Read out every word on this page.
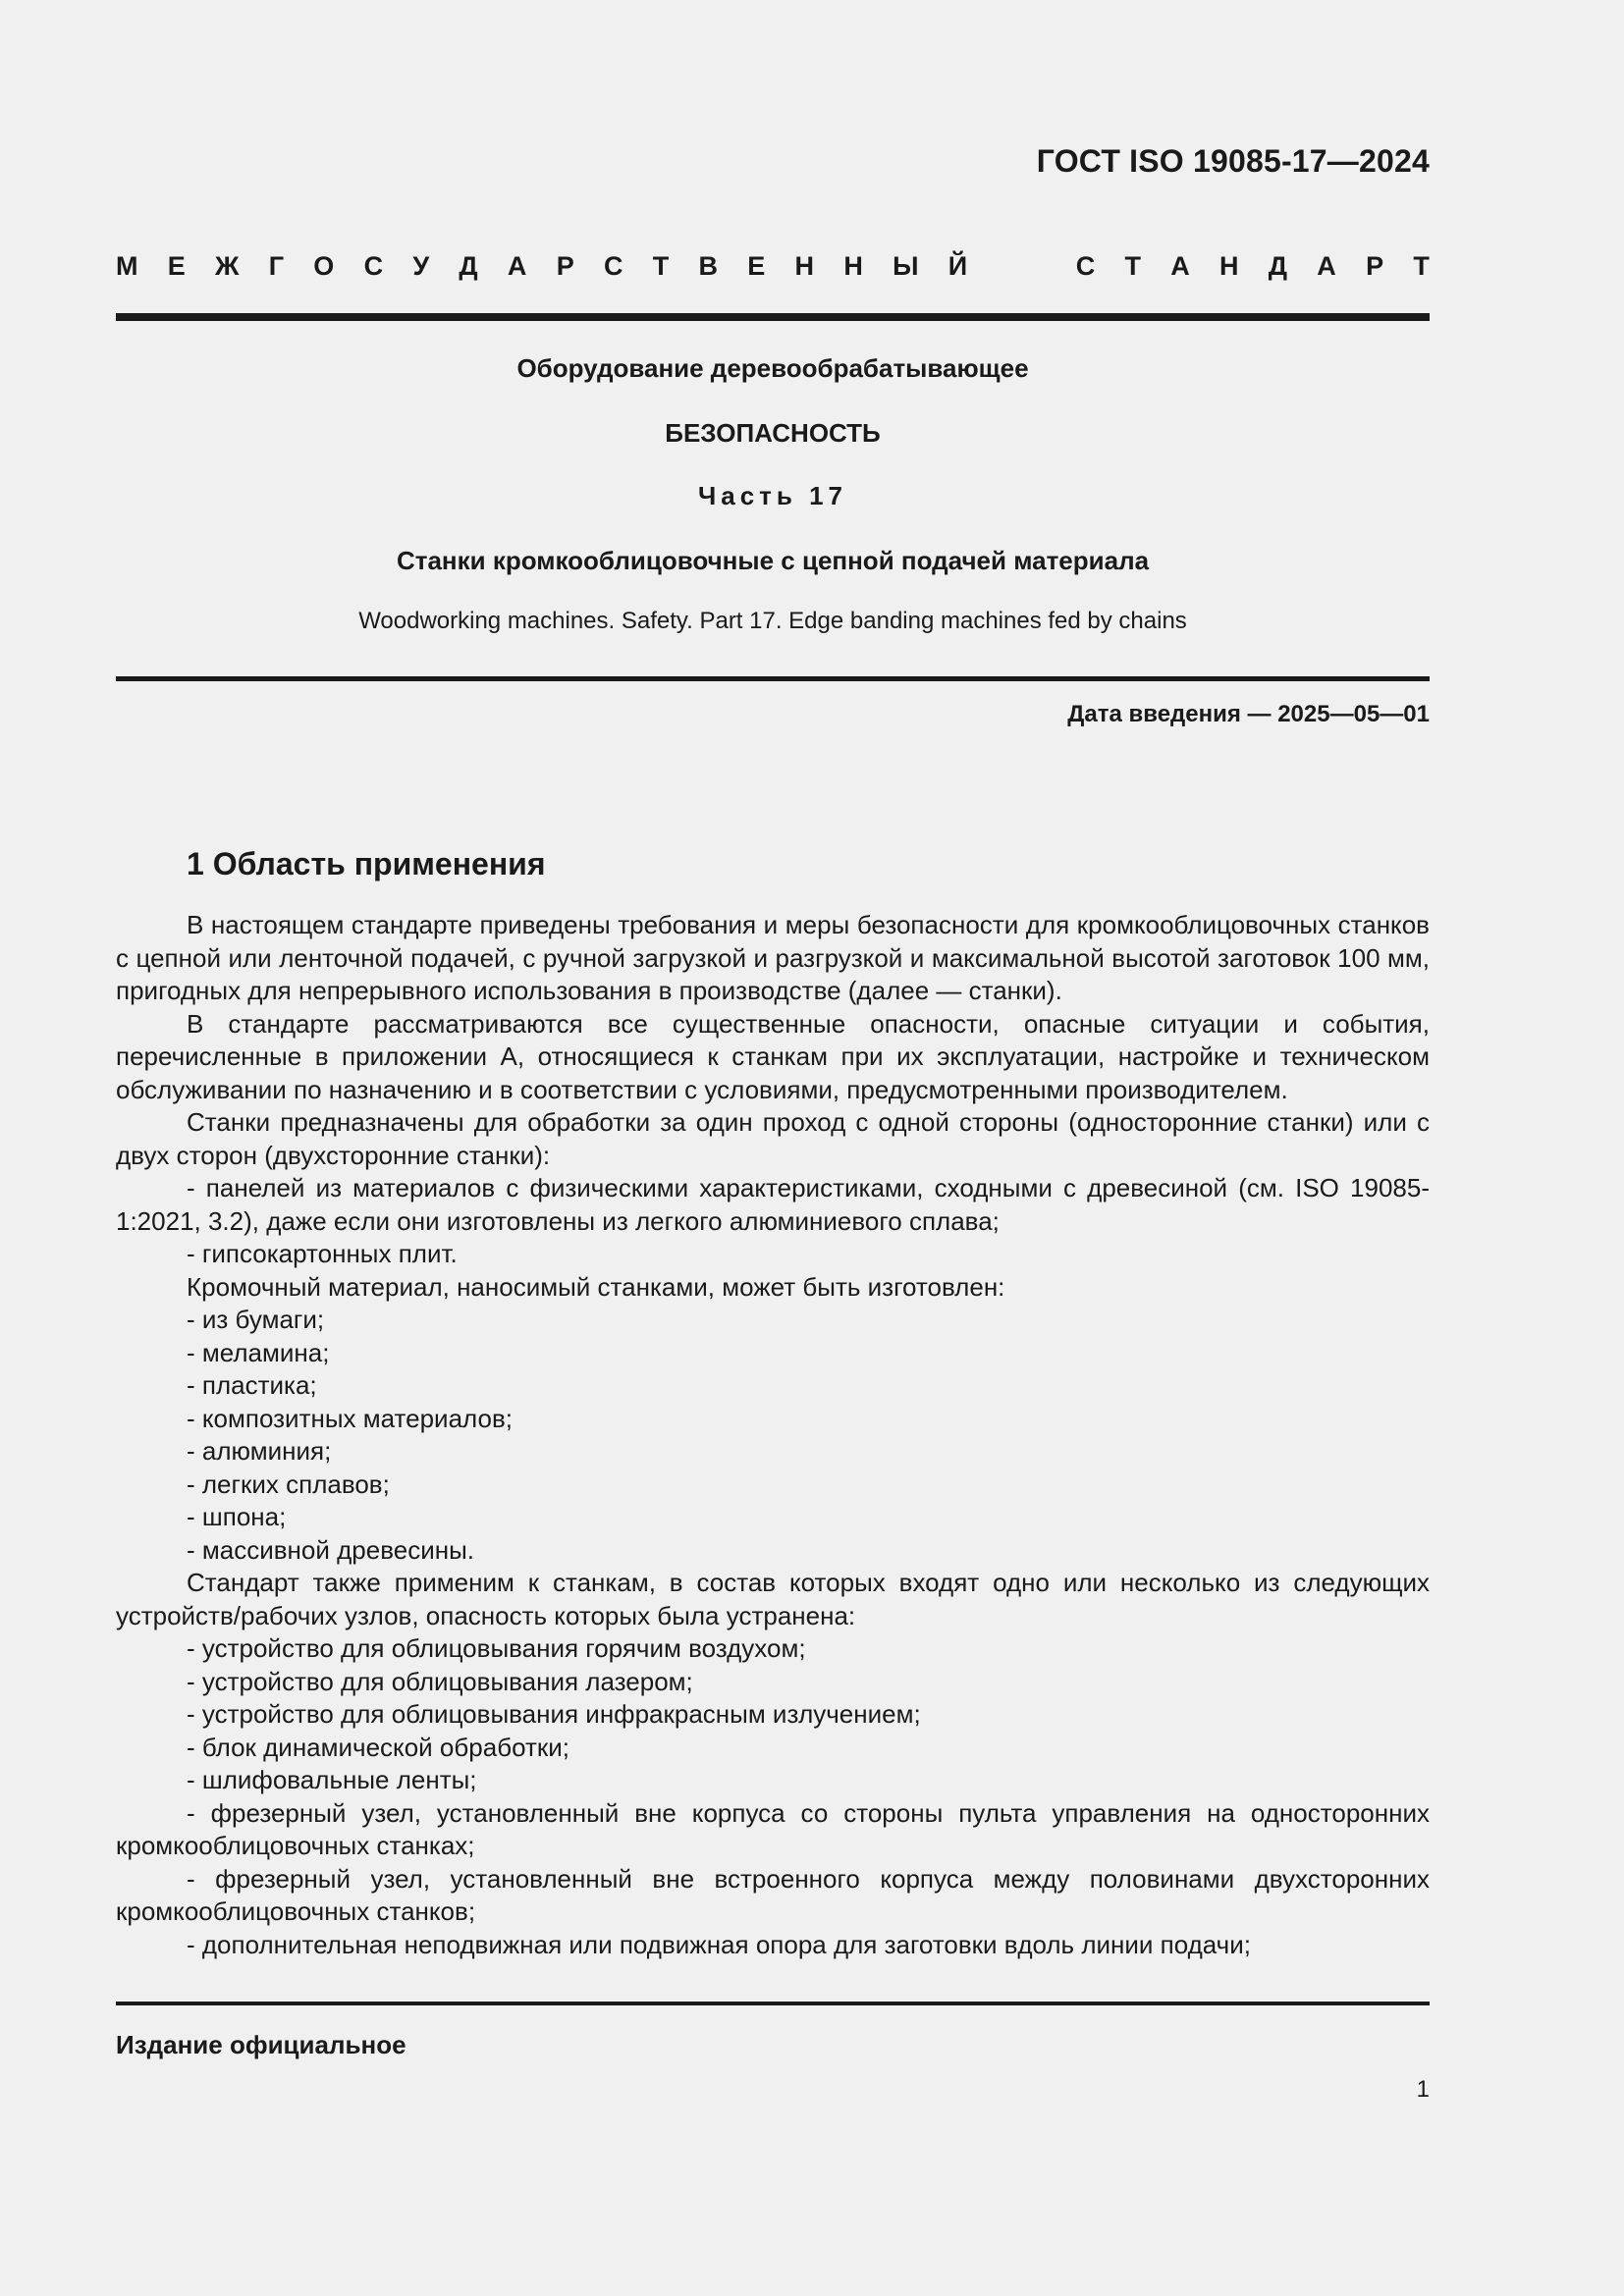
ГОСТ ISO 19085-17—2024
М Е Ж Г О С У Д А Р С Т В Е Н Н Ы Й	С Т А Н Д А Р Т
Оборудование деревообрабатывающее
БЕЗОПАСНОСТЬ
Часть 17
Станки кромкооблицовочные с цепной подачей материала
Woodworking machines. Safety. Part 17. Edge banding machines fed by chains
Дата введения — 2025—05—01
1 Область применения

В настоящем стандарте приведены требования и меры безопасности для кромкооблицовочных станков с цепной или ленточной подачей, с ручной загрузкой и разгрузкой и максимальной высотой заготовок 100 мм, пригодных для непрерывного использования в производстве (далее — станки).

В стандарте рассматриваются все существенные опасности, опасные ситуации и события, перечисленные в приложении А, относящиеся к станкам при их эксплуатации, настройке и техническом обслуживании по назначению и в соответствии с условиями, предусмотренными производителем.

Станки предназначены для обработки за один проход с одной стороны (односторонние станки) или с двух сторон (двухсторонние станки):

- панелей из материалов с физическими характеристиками, сходными с древесиной (см. ISO 19085-1:2021, 3.2), даже если они изготовлены из легкого алюминиевого сплава;

- гипсокартонных плит.

Кромочный материал, наносимый станками, может быть изготовлен:

- из бумаги;

- меламина;

- пластика;

- композитных материалов;

- алюминия;

- легких сплавов;

- шпона;

- массивной древесины.

Стандарт также применим к станкам, в состав которых входят одно или несколько из следующих устройств/рабочих узлов, опасность которых была устранена:

- устройство для облицовывания горячим воздухом;

- устройство для облицовывания лазером;

- устройство для облицовывания инфракрасным излучением;

- блок динамической обработки;

- шлифовальные ленты;

- фрезерный узел, установленный вне корпуса со стороны пульта управления на односторонних кромкооблицовочных станках;

- фрезерный узел, установленный вне встроенного корпуса между половинами двухсторонних кромкооблицовочных станков;

- дополнительная неподвижная или подвижная опора для заготовки вдоль линии подачи;

Издание официальное
1
